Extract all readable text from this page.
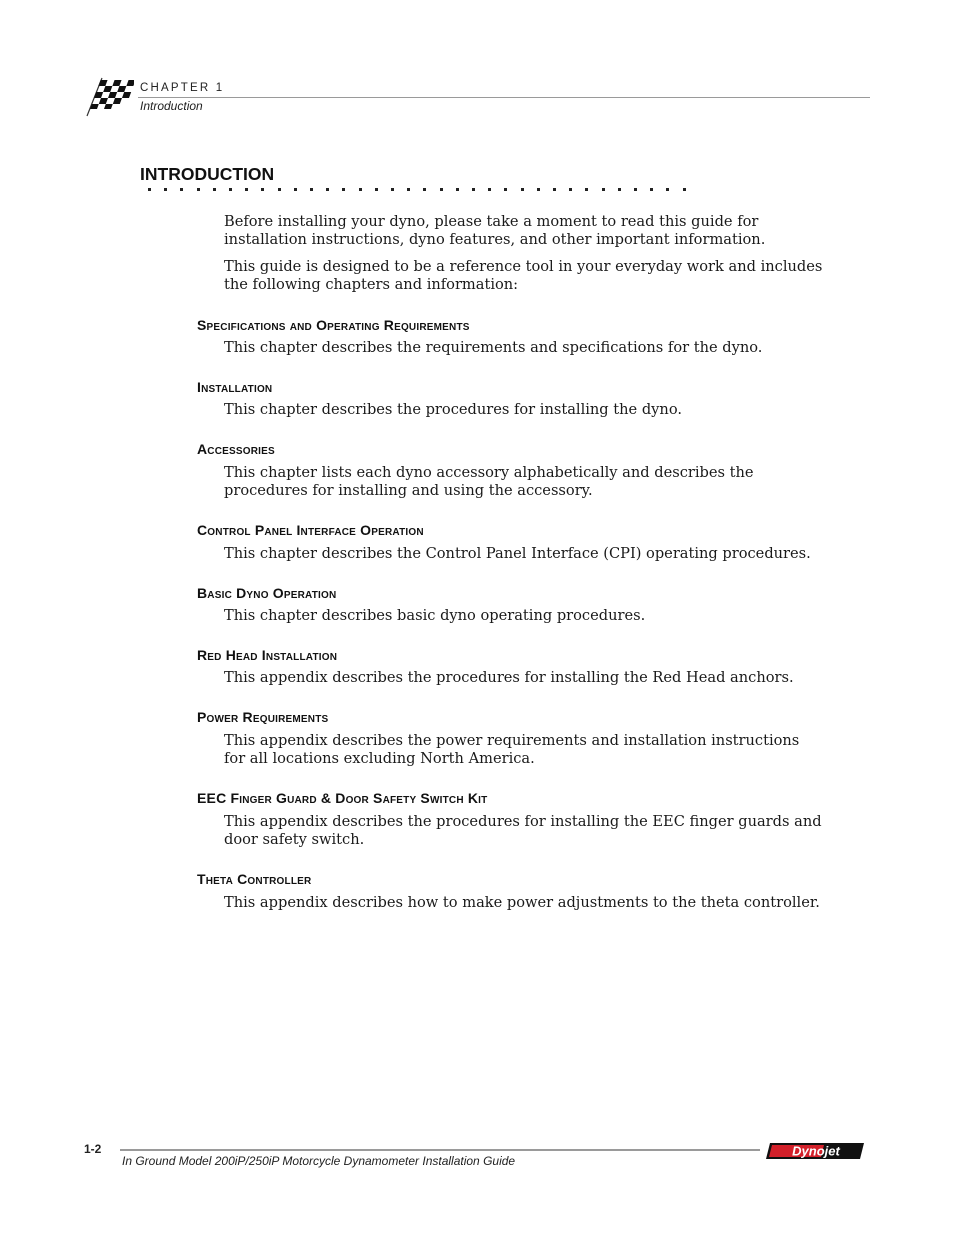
CHAPTER 1
Introduction
INTRODUCTION
Before installing your dyno, please take a moment to read this guide for installation instructions, dyno features, and other important information.
This guide is designed to be a reference tool in your everyday work and includes the following chapters and information:
Specifications and Operating Requirements
This chapter describes the requirements and specifications for the dyno.
Installation
This chapter describes the procedures for installing the dyno.
Accessories
This chapter lists each dyno accessory alphabetically and describes the procedures for installing and using the accessory.
Control Panel Interface Operation
This chapter describes the Control Panel Interface (CPI) operating procedures.
Basic Dyno Operation
This chapter describes basic dyno operating procedures.
Red Head Installation
This appendix describes the procedures for installing the Red Head anchors.
Power Requirements
This appendix describes the power requirements and installation instructions for all locations excluding North America.
EEC Finger Guard & Door Safety Switch Kit
This appendix describes the procedures for installing the EEC finger guards and door safety switch.
Theta Controller
This appendix describes how to make power adjustments to the theta controller.
1-2
In Ground Model 200iP/250iP Motorcycle Dynamometer Installation Guide
Dynojet
